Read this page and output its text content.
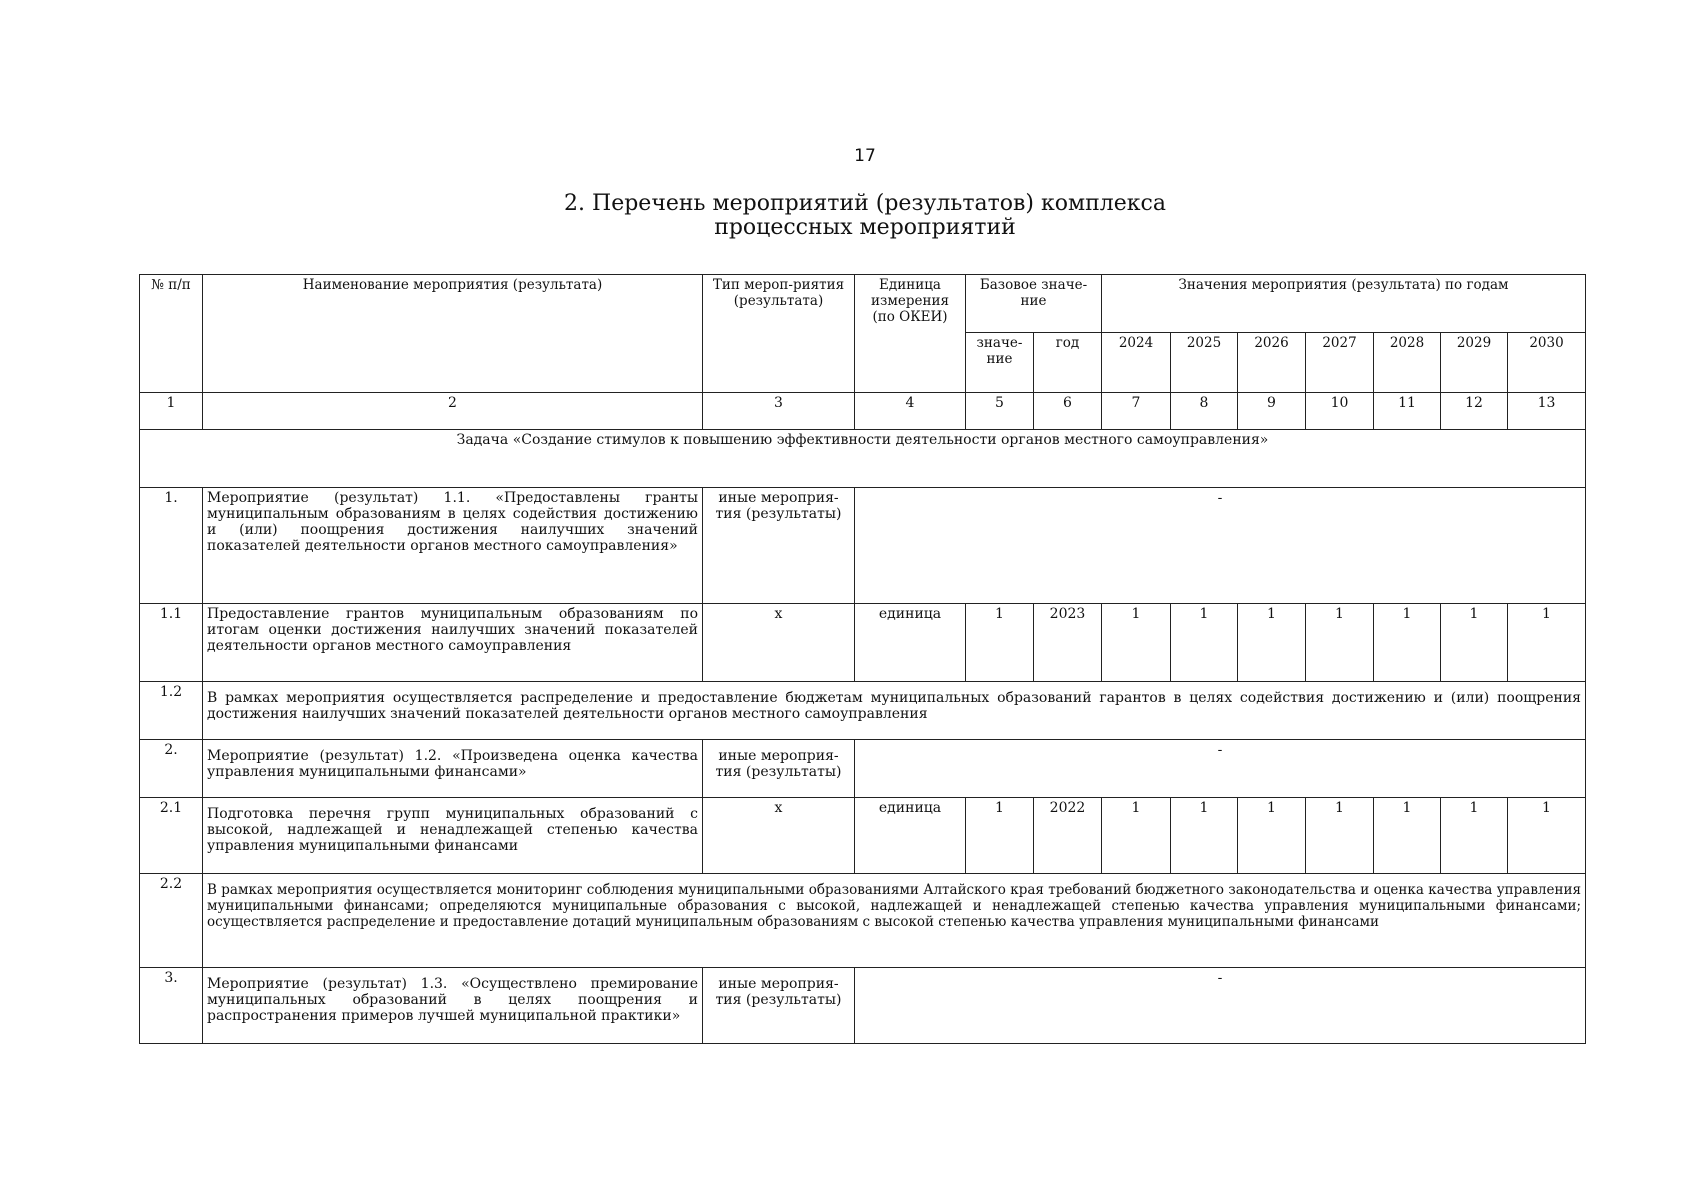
17
2. Перечень мероприятий (результатов) комплекса
процессных мероприятий
№ п/п	Наименование мероприятия (результата)	Тип мероп-риятия (результата)	Единица измерения (по ОКЕИ)	Базовое значе-ние		Значения мероприятия (результата) по годам						
				значе-ние	год	2024	2025	2026	2027	2028	2029	2030
1	2	3	4	5	6	7	8	9	10	11	12	13
Задача «Создание стимулов к повышению эффективности деятельности органов местного самоуправления»												
1.	Мероприятие (результат) 1.1. «Предоставлены гранты муниципальным образованиям в целях содействия достижению и (или) поощрения достижения наилучших значений показателей деятельности органов местного самоуправления»	иные мероприя-тия (результаты)	-									
1.1	Предоставление грантов муниципальным образованиям по итогам оценки достижения наилучших значений показателей деятельности органов местного самоуправления	x	единица	1	2023	1	1	1	1	1	1	1
1.2	В рамках мероприятия осуществляется распределение и предоставление бюджетам муниципальных образований гарантов в целях содействия достижению и (или) поощрения достижения наилучших значений показателей деятельности органов местного самоуправления											
2.	Мероприятие (результат) 1.2. «Произведена оценка качества управления муниципальными финансами»	иные мероприя-тия (результаты)	-									
2.1	Подготовка перечня групп муниципальных образований с высокой, надлежащей и ненадлежащей степенью качества управления муниципальными финансами	x	единица	1	2022	1	1	1	1	1	1	1
2.2	В рамках мероприятия осуществляется мониторинг соблюдения муниципальными образованиями Алтайского края требований бюджетного законодательства и оценка качества управления муниципальными финансами; определяются муниципальные образования с высокой, надлежащей и ненадлежащей степенью качества управления муниципальными финансами; осуществляется распределение и предоставление дотаций муниципальным образованиям с высокой степенью качества управления муниципальными финансами											
3.	Мероприятие (результат) 1.3. «Осуществлено премирование муниципальных образований в целях поощрения и распространения примеров лучшей муниципальной практики»	иные мероприя-тия (результаты)	-									
